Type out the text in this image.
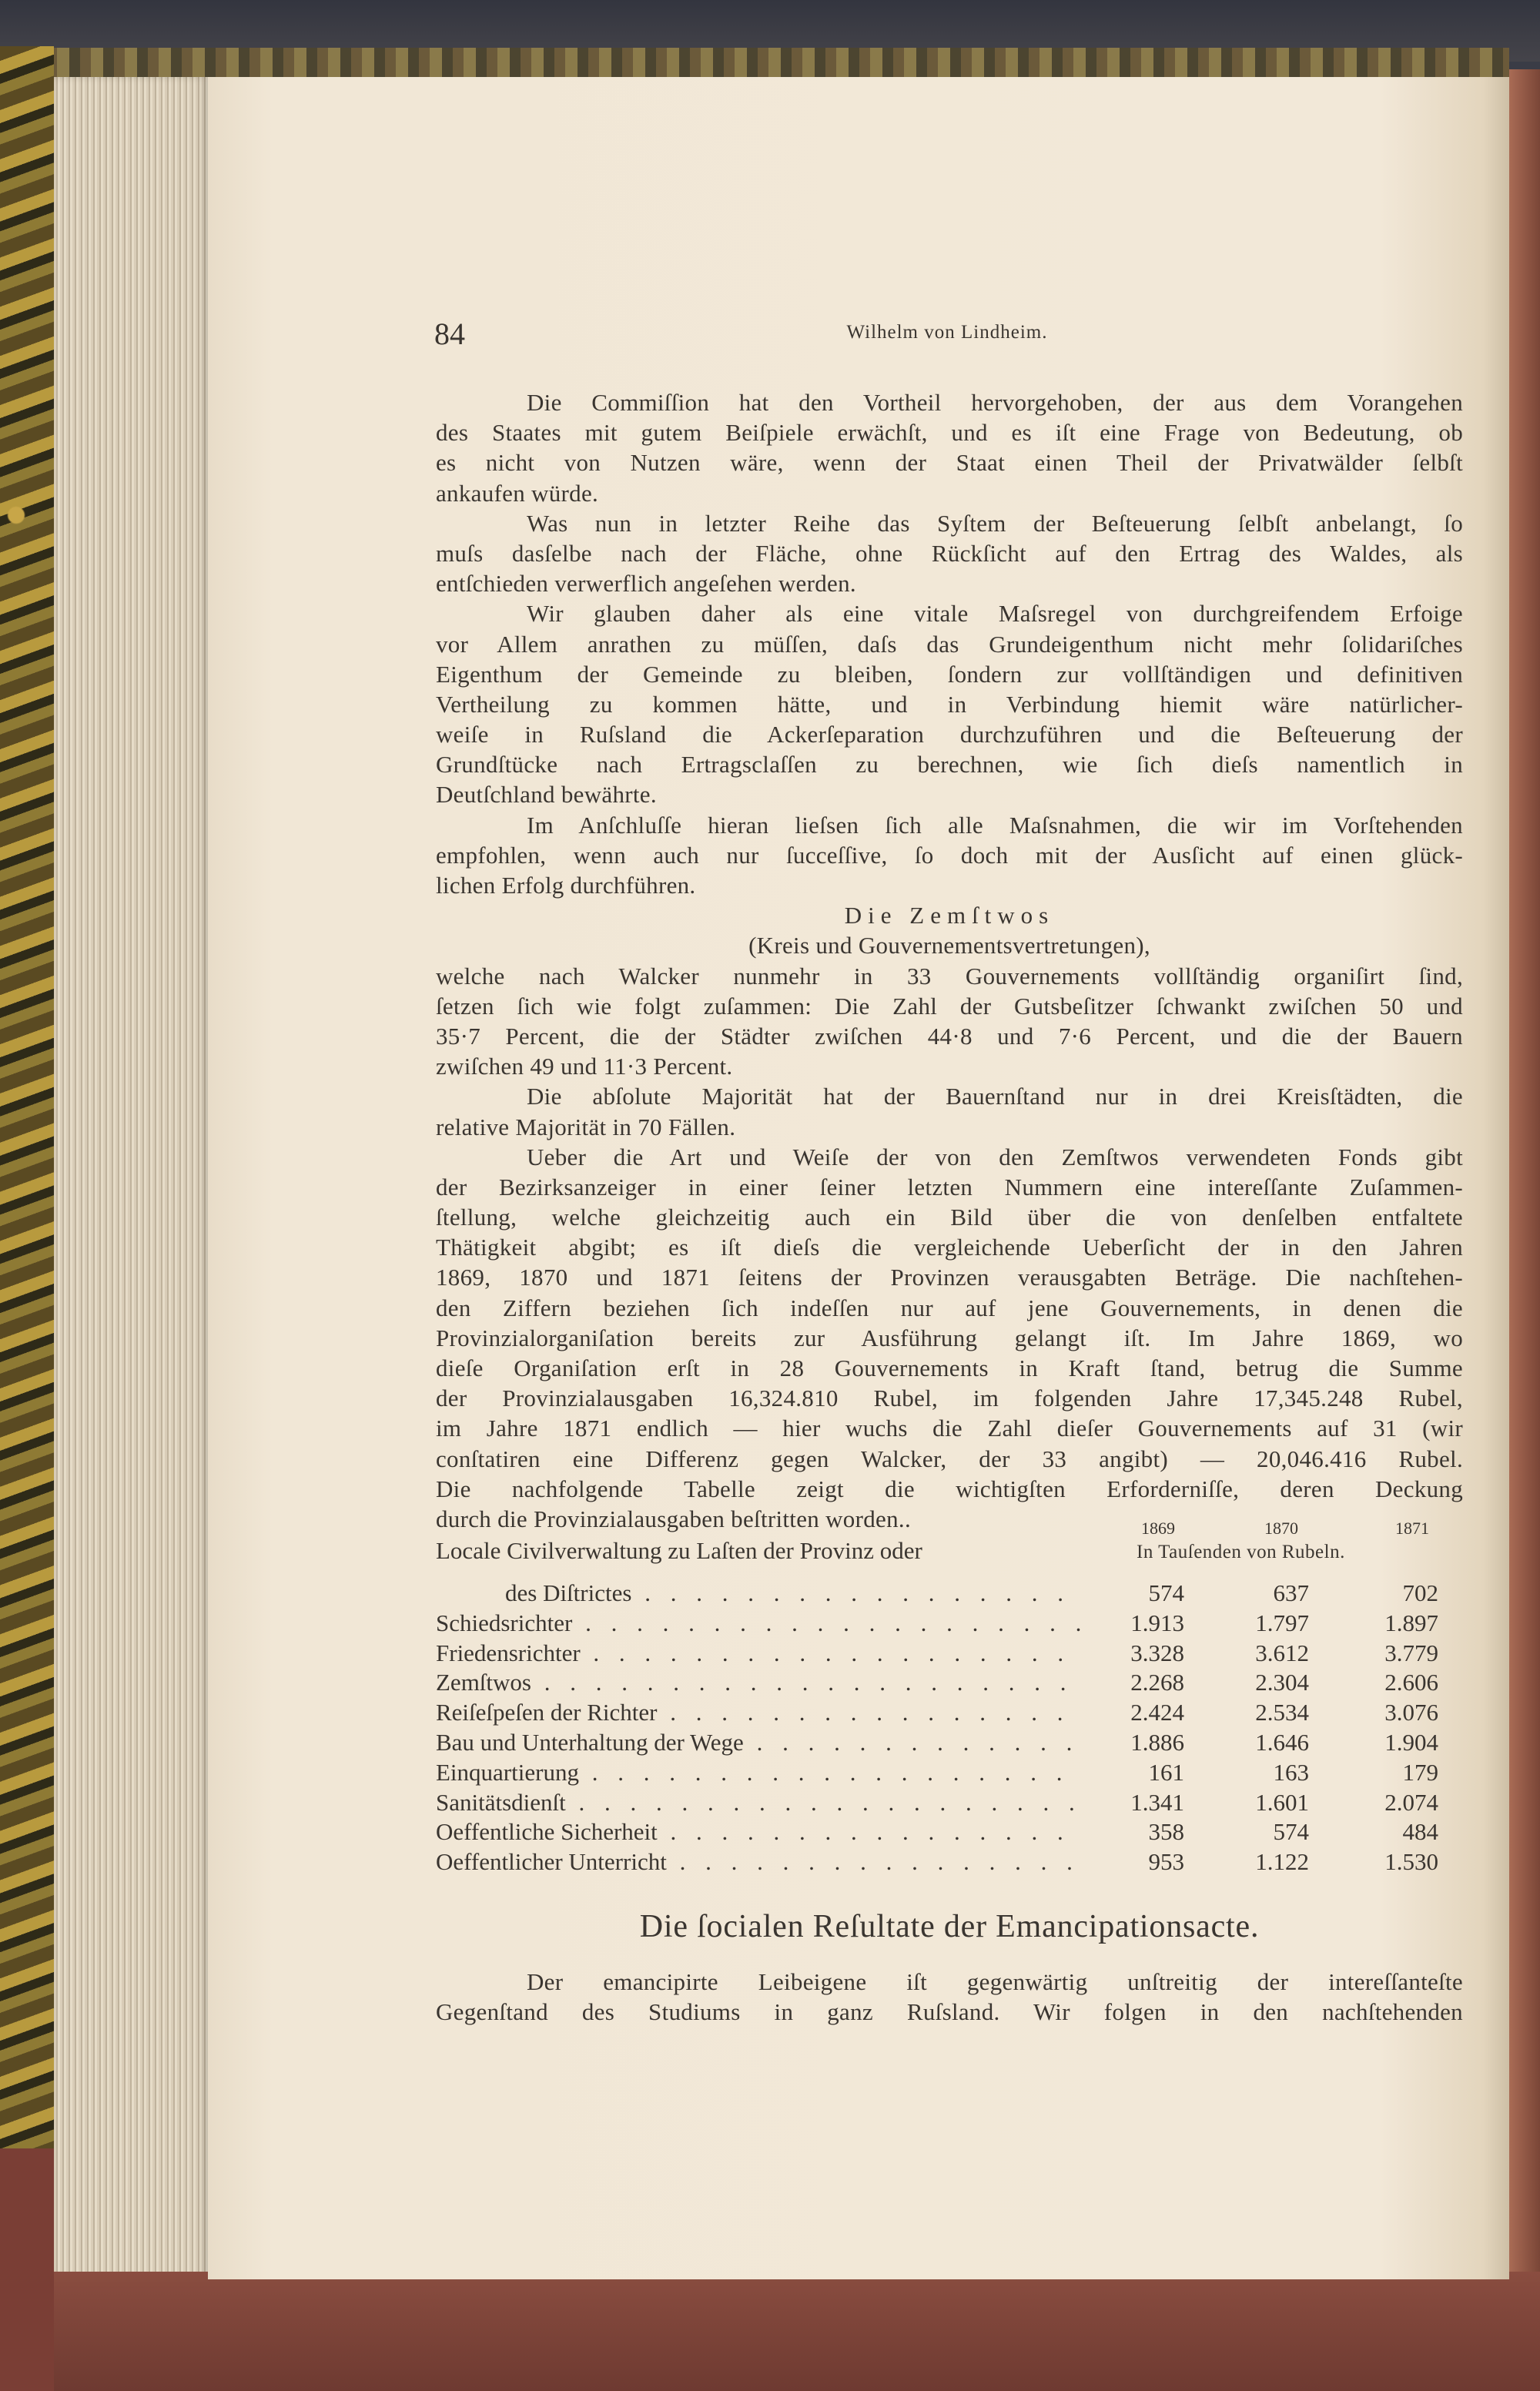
84	Wilhelm von Lindheim.
Die Commiſſion hat den Vortheil hervorgehoben, der aus dem Vorangehen
des Staates mit gutem Beiſpiele erwächſt, und es iſt eine Frage von Bedeutung, ob
es nicht von Nutzen wäre, wenn der Staat einen Theil der Privatwälder ſelbſt
ankaufen würde.
Was nun in letzter Reihe das Syſtem der Beſteuerung ſelbſt anbelangt, ſo
muſs dasſelbe nach der Fläche, ohne Rückſicht auf den Ertrag des Waldes, als
entſchieden verwerflich angeſehen werden.
Wir glauben daher als eine vitale Maſsregel von durchgreifendem Erfoige
vor Allem anrathen zu müſſen, daſs das Grundeigenthum nicht mehr ſolidariſches
Eigenthum der Gemeinde zu bleiben, ſondern zur vollſtändigen und definitiven
Vertheilung zu kommen hätte, und in Verbindung hiemit wäre natürlicher-
weiſe in Ruſsland die Ackerſeparation durchzuführen und die Beſteuerung der
Grundſtücke nach Ertragsclaſſen zu berechnen, wie ſich dieſs namentlich in
Deutſchland bewährte.
Im Anſchluſſe hieran lieſsen ſich alle Maſsnahmen, die wir im Vorſtehenden
empfohlen, wenn auch nur ſucceſſive, ſo doch mit der Ausſicht auf einen glück-
lichen Erfolg durchführen.
Die Zemſtwos
(Kreis und Gouvernementsvertretungen),
welche nach Walcker nunmehr in 33 Gouvernements vollſtändig organiſirt ſind,
ſetzen ſich wie folgt zuſammen: Die Zahl der Gutsbeſitzer ſchwankt zwiſchen 50 und
35·7 Percent, die der Städter zwiſchen 44·8 und 7·6 Percent, und die der Bauern
zwiſchen 49 und 11·3 Percent.
Die abſolute Majorität hat der Bauernſtand nur in drei Kreisſtädten, die
relative Majorität in 70 Fällen.
Ueber die Art und Weiſe der von den Zemſtwos verwendeten Fonds gibt
der Bezirksanzeiger in einer ſeiner letzten Nummern eine intereſſante Zuſammen-
ſtellung, welche gleichzeitig auch ein Bild über die von denſelben entfaltete
Thätigkeit abgibt; es iſt dieſs die vergleichende Ueberſicht der in den Jahren
1869, 1870 und 1871 ſeitens der Provinzen verausgabten Beträge. Die nachſtehen-
den Ziffern beziehen ſich indeſſen nur auf jene Gouvernements, in denen die
Provinzialorganiſation bereits zur Ausführung gelangt iſt. Im Jahre 1869, wo
dieſe Organiſation erſt in 28 Gouvernements in Kraft ſtand, betrug die Summe
der Provinzialausgaben 16,324.810 Rubel, im folgenden Jahre 17,345.248 Rubel,
im Jahre 1871 endlich — hier wuchs die Zahl dieſer Gouvernements auf 31 (wir
conſtatiren eine Differenz gegen Walcker, der 33 angibt) — 20,046.416 Rubel.
Die nachfolgende Tabelle zeigt die wichtigſten Erforderniſſe, deren Deckung
durch die Provinzialausgaben beſtritten worden..	1869	1870	1871
In Tauſenden von Rubeln.
Locale Civilverwaltung zu Laſten der Provinz oder
des Diſtrictes . . .	574	637	702
Schiedsrichter . . .	1.913	1.797	1.897
Friedensrichter . . .	3.328	3.612	3.779
Zemſtwos . . .	2.268	2.304	2.606
Reiſeſpeſen der Richter . . .	2.424	2.534	3.076
Bau und Unterhaltung der Wege . . .	1.886	1.646	1.904
Einquartierung . . .	161	163	179
Sanitätsdienſt . . .	1.341	1.601	2.074
Oeffentliche Sicherheit . . .	358	574	484
Oeffentlicher Unterricht . . .	953	1.122	1.530
Die ſocialen Reſultate der Emancipationsacte.
Der emancipirte Leibeigene iſt gegenwärtig unſtreitig der intereſſanteſte
Gegenſtand des Studiums in ganz Ruſsland. Wir folgen in den nachſtehenden
